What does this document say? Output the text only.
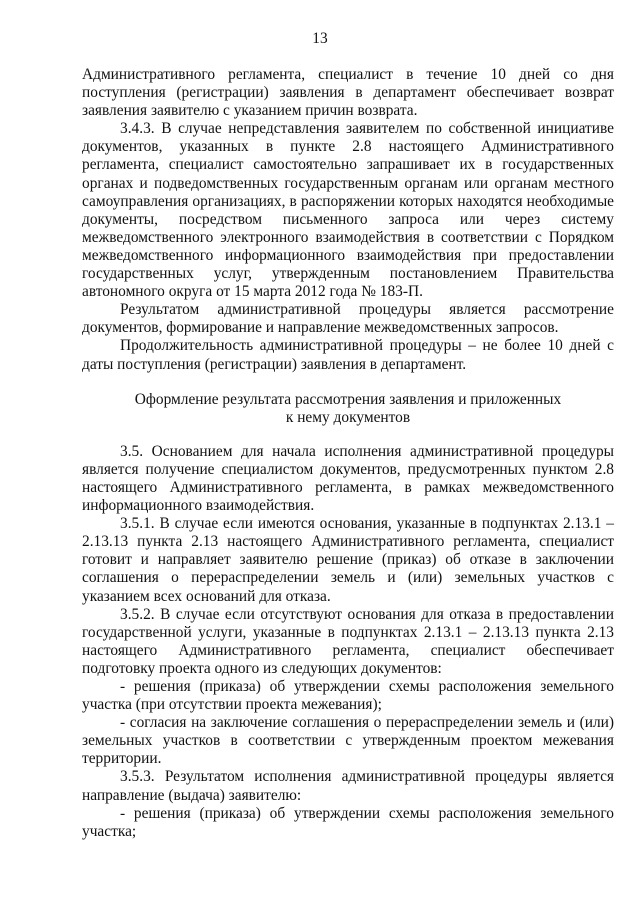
13

Административного регламента, специалист в течение 10 дней со дня поступления (регистрации) заявления в департамент обеспечивает возврат заявления заявителю с указанием причин возврата.

3.4.3. В случае непредставления заявителем по собственной инициативе документов, указанных в пункте 2.8 настоящего Административного регламента, специалист самостоятельно запрашивает их в государственных органах и подведомственных государственным органам или органам местного самоуправления организациях, в распоряжении которых находятся необходимые документы, посредством письменного запроса или через систему межведомственного электронного взаимодействия в соответствии с Порядком межведомственного информационного взаимодействия при предоставлении государственных услуг, утвержденным постановлением Правительства автономного округа от 15 марта 2012 года № 183-П.

Результатом административной процедуры является рассмотрение документов, формирование и направление межведомственных запросов.

Продолжительность административной процедуры – не более 10 дней с даты поступления (регистрации) заявления в департамент.

Оформление результата рассмотрения заявления и приложенных
к нему документов

3.5. Основанием для начала исполнения административной процедуры является получение специалистом документов, предусмотренных пунктом 2.8 настоящего Административного регламента, в рамках межведомственного информационного взаимодействия.

3.5.1. В случае если имеются основания, указанные в подпунктах 2.13.1 – 2.13.13 пункта 2.13 настоящего Административного регламента, специалист готовит и направляет заявителю решение (приказ) об отказе в заключении соглашения о перераспределении земель и (или) земельных участков с указанием всех оснований для отказа.

3.5.2. В случае если отсутствуют основания для отказа в предоставлении государственной услуги, указанные в подпунктах 2.13.1 – 2.13.13 пункта 2.13 настоящего Административного регламента, специалист обеспечивает подготовку проекта одного из следующих документов:

- решения (приказа) об утверждении схемы расположения земельного участка (при отсутствии проекта межевания);

- согласия на заключение соглашения о перераспределении земель и (или) земельных участков в соответствии с утвержденным проектом межевания территории.

3.5.3. Результатом исполнения административной процедуры является направление (выдача) заявителю:

- решения (приказа) об утверждении схемы расположения земельного участка;
